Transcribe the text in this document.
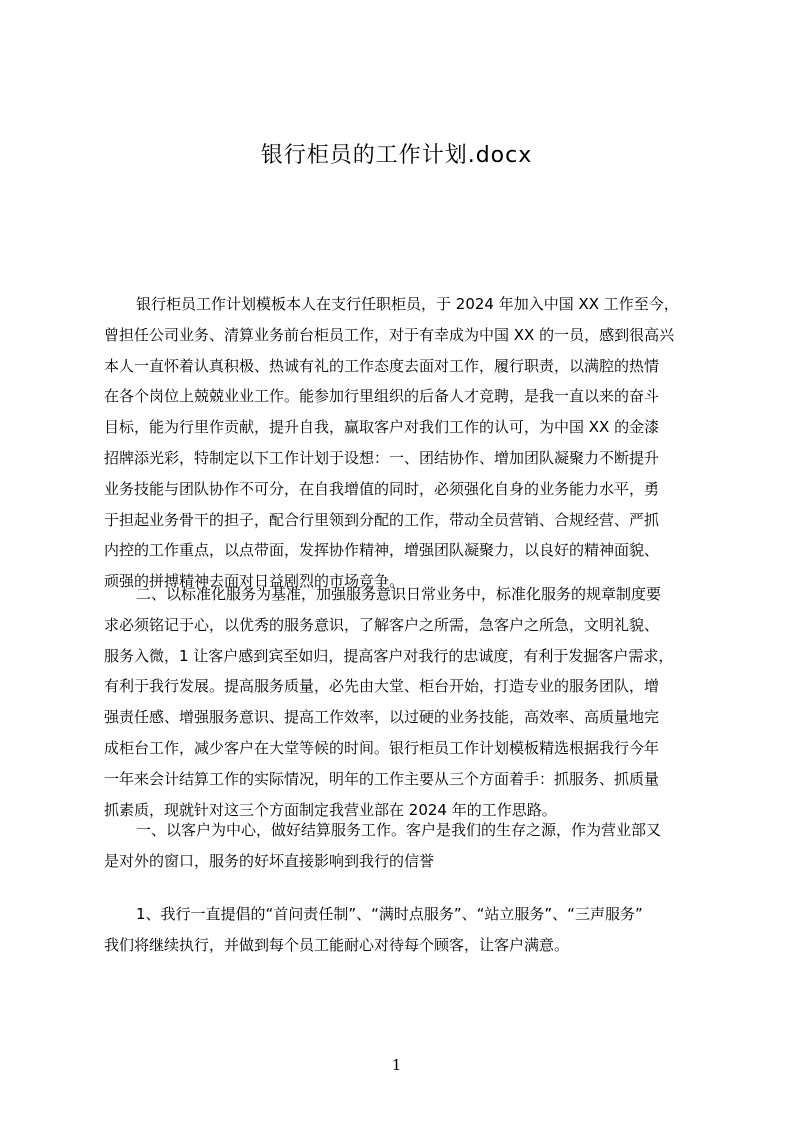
银行柜员的工作计划.docx
银行柜员工作计划模板本人在支行任职柜员，于 2024 年加入中国 XX 工作至今，
曾担任公司业务、清算业务前台柜员工作，对于有幸成为中国 XX 的一员，感到很高兴
本人一直怀着认真积极、热诚有礼的工作态度去面对工作，履行职责，以满腔的热情
在各个岗位上兢兢业业工作。能参加行里组织的后备人才竞聘，是我一直以来的奋斗
目标，能为行里作贡献，提升自我，赢取客户对我们工作的认可，为中国 XX 的金漆
招牌添光彩，特制定以下工作计划于设想：一、团结协作、增加团队凝聚力不断提升
业务技能与团队协作不可分，在自我增值的同时，必须强化自身的业务能力水平，勇
于担起业务骨干的担子，配合行里领到分配的工作，带动全员营销、合规经营、严抓
内控的工作重点，以点带面，发挥协作精神，增强团队凝聚力，以良好的精神面貌、
顽强的拼搏精神去面对日益剧烈的市场竞争。
二、以标准化服务为基准，加强服务意识日常业务中，标准化服务的规章制度要
求必须铭记于心，以优秀的服务意识，了解客户之所需，急客户之所急，文明礼貌、
服务入微，1 让客户感到宾至如归，提高客户对我行的忠诚度，有利于发掘客户需求，
有利于我行发展。提高服务质量，必先由大堂、柜台开始，打造专业的服务团队，增
强责任感、增强服务意识、提高工作效率，以过硬的业务技能，高效率、高质量地完
成柜台工作，减少客户在大堂等候的时间。银行柜员工作计划模板精选根据我行今年
一年来会计结算工作的实际情况，明年的工作主要从三个方面着手：抓服务、抓质量
抓素质，现就针对这三个方面制定我营业部在 2024 年的工作思路。
一、以客户为中心，做好结算服务工作。客户是我们的生存之源，作为营业部又
是对外的窗口，服务的好坏直接影响到我行的信誉
1、我行一直提倡的“首问责任制”、“满时点服务”、“站立服务”、“三声服务”
我们将继续执行，并做到每个员工能耐心对待每个顾客，让客户满意。
1
